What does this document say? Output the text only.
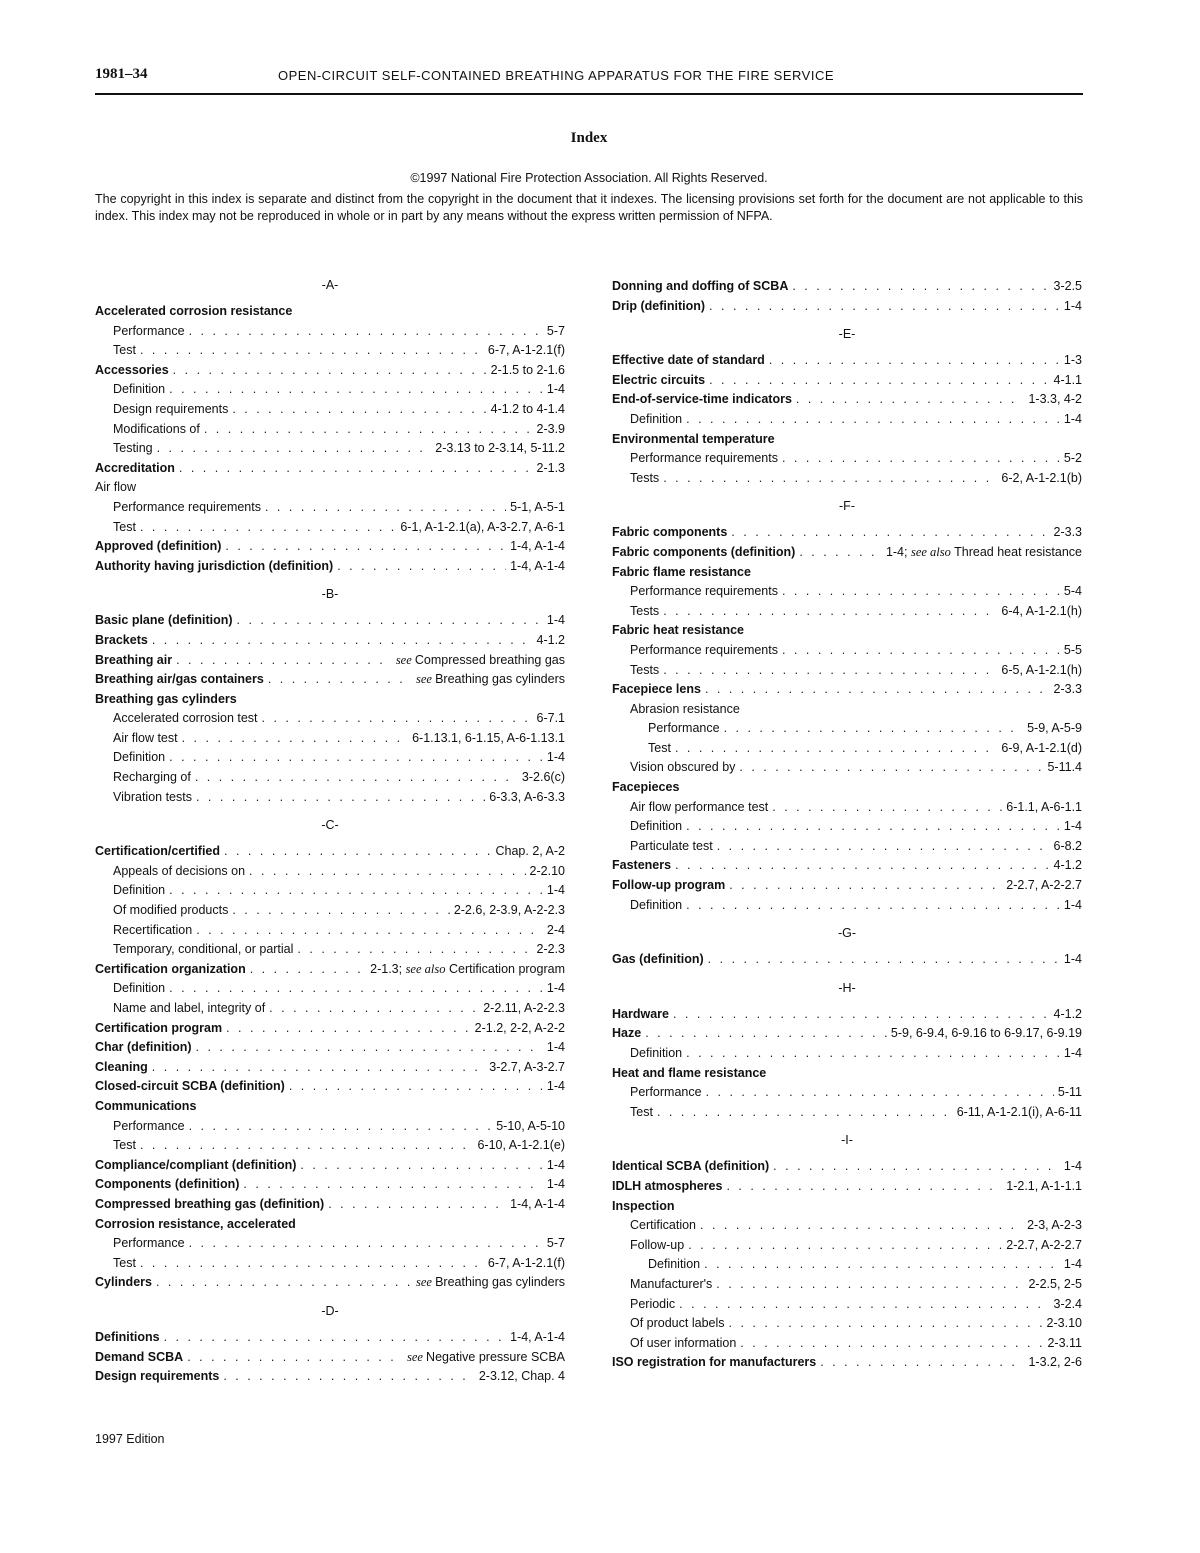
1981–34	OPEN-CIRCUIT SELF-CONTAINED BREATHING APPARATUS FOR THE FIRE SERVICE
Index
©1997 National Fire Protection Association. All Rights Reserved.
The copyright in this index is separate and distinct from the copyright in the document that it indexes. The licensing provisions set forth for the document are not applicable to this index. This index may not be reproduced in whole or in part by any means without the express written permission of NFPA.
-A-
Accelerated corrosion resistance
Performance . . .	5-7
Test . . .	6-7, A-1-2.1(f)
Accessories . . .	2-1.5 to 2-1.6
Definition . . .	1-4
Design requirements . . .	4-1.2 to 4-1.4
Modifications of . . .	2-3.9
Testing . . .	2-3.13 to 2-3.14, 5-11.2
Accreditation . . .	2-1.3
Air flow
Performance requirements . . .	5-1, A-5-1
Test . . .	6-1, A-1-2.1(a), A-3-2.7, A-6-1
Approved (definition) . . .	1-4, A-1-4
Authority having jurisdiction (definition) . . .	1-4, A-1-4
-B-
Basic plane (definition) . . .	1-4
Brackets . . .	4-1.2
Breathing air . . .	see Compressed breathing gas
Breathing air/gas containers . . .	see Breathing gas cylinders
Breathing gas cylinders
Accelerated corrosion test . . .	6-7.1
Air flow test . . .	6-1.13.1, 6-1.15, A-6-1.13.1
Definition . . .	1-4
Recharging of . . .	3-2.6(c)
Vibration tests . . .	6-3.3, A-6-3.3
-C-
Certification/certified . . .	Chap. 2, A-2
Appeals of decisions on . . .	2-2.10
Definition . . .	1-4
Of modified products . . .	2-2.6, 2-3.9, A-2-2.3
Recertification . . .	2-4
Temporary, conditional, or partial . . .	2-2.3
Certification organization . . .	2-1.3; see also Certification program
Definition . . .	1-4
Name and label, integrity of . . .	2-2.11, A-2-2.3
Certification program . . .	2-1.2, 2-2, A-2-2
Char (definition) . . .	1-4
Cleaning . . .	3-2.7, A-3-2.7
Closed-circuit SCBA (definition) . . .	1-4
Communications
Performance . . .	5-10, A-5-10
Test . . .	6-10, A-1-2.1(e)
Compliance/compliant (definition) . . .	1-4
Components (definition) . . .	1-4
Compressed breathing gas (definition) . . .	1-4, A-1-4
Corrosion resistance, accelerated
Performance . . .	5-7
Test . . .	6-7, A-1-2.1(f)
Cylinders . . .	see Breathing gas cylinders
-D-
Definitions . . .	1-4, A-1-4
Demand SCBA . . .	see Negative pressure SCBA
Design requirements . . .	2-3.12, Chap. 4
Donning and doffing of SCBA . . .	3-2.5
Drip (definition) . . .	1-4
-E-
Effective date of standard . . .	1-3
Electric circuits . . .	4-1.1
End-of-service-time indicators . . .	1-3.3, 4-2
Definition . . .	1-4
Environmental temperature
Performance requirements . . .	5-2
Tests . . .	6-2, A-1-2.1(b)
-F-
Fabric components . . .	2-3.3
Fabric components (definition) . . .	1-4; see also Thread heat resistance
Fabric flame resistance
Performance requirements . . .	5-4
Tests . . .	6-4, A-1-2.1(h)
Fabric heat resistance
Performance requirements . . .	5-5
Tests . . .	6-5, A-1-2.1(h)
Facepiece lens . . .	2-3.3
Abrasion resistance
Performance . . .	5-9, A-5-9
Test . . .	6-9, A-1-2.1(d)
Vision obscured by . . .	5-11.4
Facepieces
Air flow performance test . . .	6-1.1, A-6-1.1
Definition . . .	1-4
Particulate test . . .	6-8.2
Fasteners . . .	4-1.2
Follow-up program . . .	2-2.7, A-2-2.7
Definition . . .	1-4
-G-
Gas (definition) . . .	1-4
-H-
Hardware . . .	4-1.2
Haze . . .	5-9, 6-9.4, 6-9.16 to 6-9.17, 6-9.19
Definition . . .	1-4
Heat and flame resistance
Performance . . .	5-11
Test . . .	6-11, A-1-2.1(i), A-6-11
-I-
Identical SCBA (definition) . . .	1-4
IDLH atmospheres . . .	1-2.1, A-1-1.1
Inspection
Certification . . .	2-3, A-2-3
Follow-up . . .	2-2.7, A-2-2.7
Definition . . .	1-4
Manufacturer's . . .	2-2.5, 2-5
Periodic . . .	3-2.4
Of product labels . . .	2-3.10
Of user information . . .	2-3.11
ISO registration for manufacturers . . .	1-3.2, 2-6
1997 Edition
